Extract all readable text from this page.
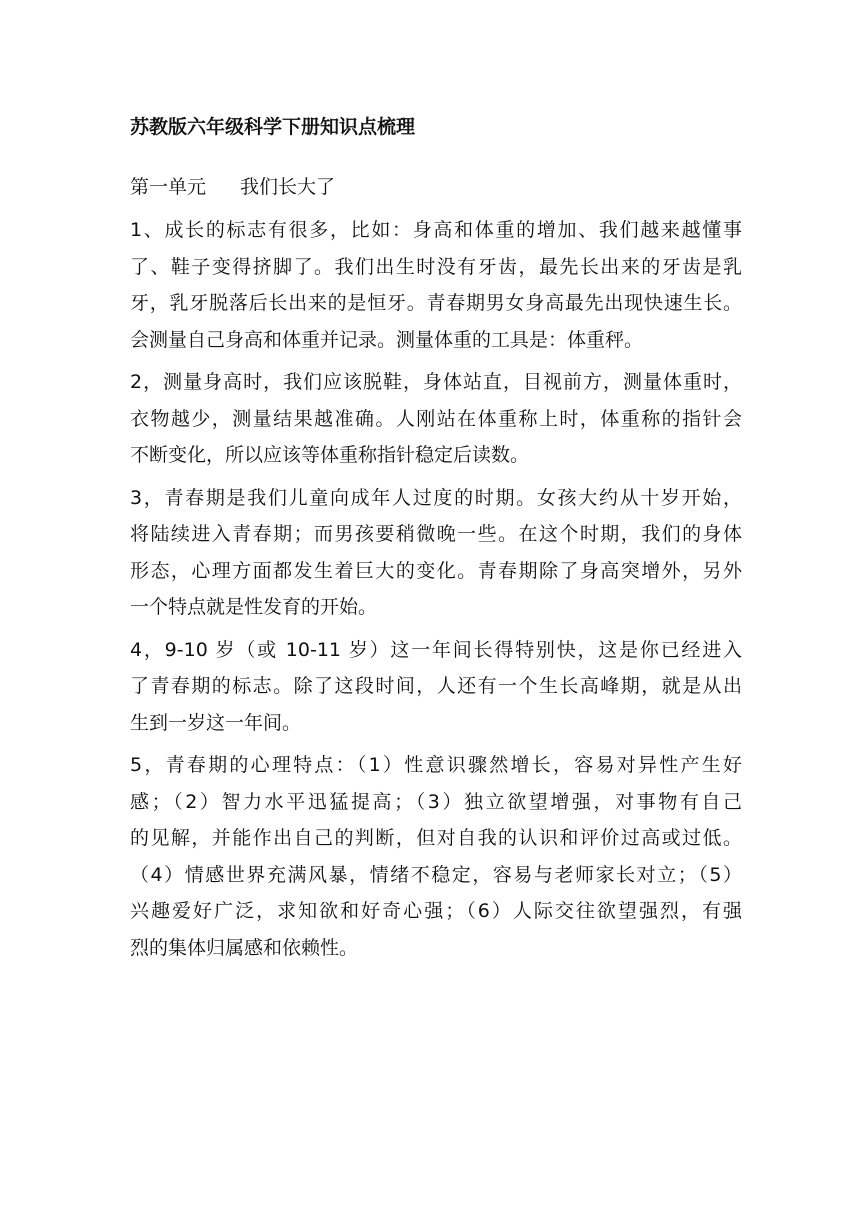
苏教版六年级科学下册知识点梳理
第一单元 我们长大了
1、成长的标志有很多，比如：身高和体重的增加、我们越来越懂事
了、鞋子变得挤脚了。我们出生时没有牙齿，最先长出来的牙齿是乳
牙，乳牙脱落后长出来的是恒牙。青春期男女身高最先出现快速生长。
会测量自己身高和体重并记录。测量体重的工具是：体重秤。
2，测量身高时，我们应该脱鞋，身体站直，目视前方，测量体重时，
衣物越少，测量结果越准确。人刚站在体重称上时，体重称的指针会
不断变化，所以应该等体重称指针稳定后读数。
3，青春期是我们儿童向成年人过度的时期。女孩大约从十岁开始，
将陆续进入青春期；而男孩要稍微晚一些。在这个时期，我们的身体
形态，心理方面都发生着巨大的变化。青春期除了身高突增外，另外
一个特点就是性发育的开始。
4，9-10 岁（或 10-11 岁）这一年间长得特别快，这是你已经进入
了青春期的标志。除了这段时间，人还有一个生长高峰期，就是从出
生到一岁这一年间。
5，青春期的心理特点：（1）性意识骤然增长，容易对异性产生好
感；（2）智力水平迅猛提高；（3）独立欲望增强，对事物有自己
的见解，并能作出自己的判断，但对自我的认识和评价过高或过低。
（4）情感世界充满风暴，情绪不稳定，容易与老师家长对立；（5）
兴趣爱好广泛，求知欲和好奇心强；（6）人际交往欲望强烈，有强
烈的集体归属感和依赖性。
